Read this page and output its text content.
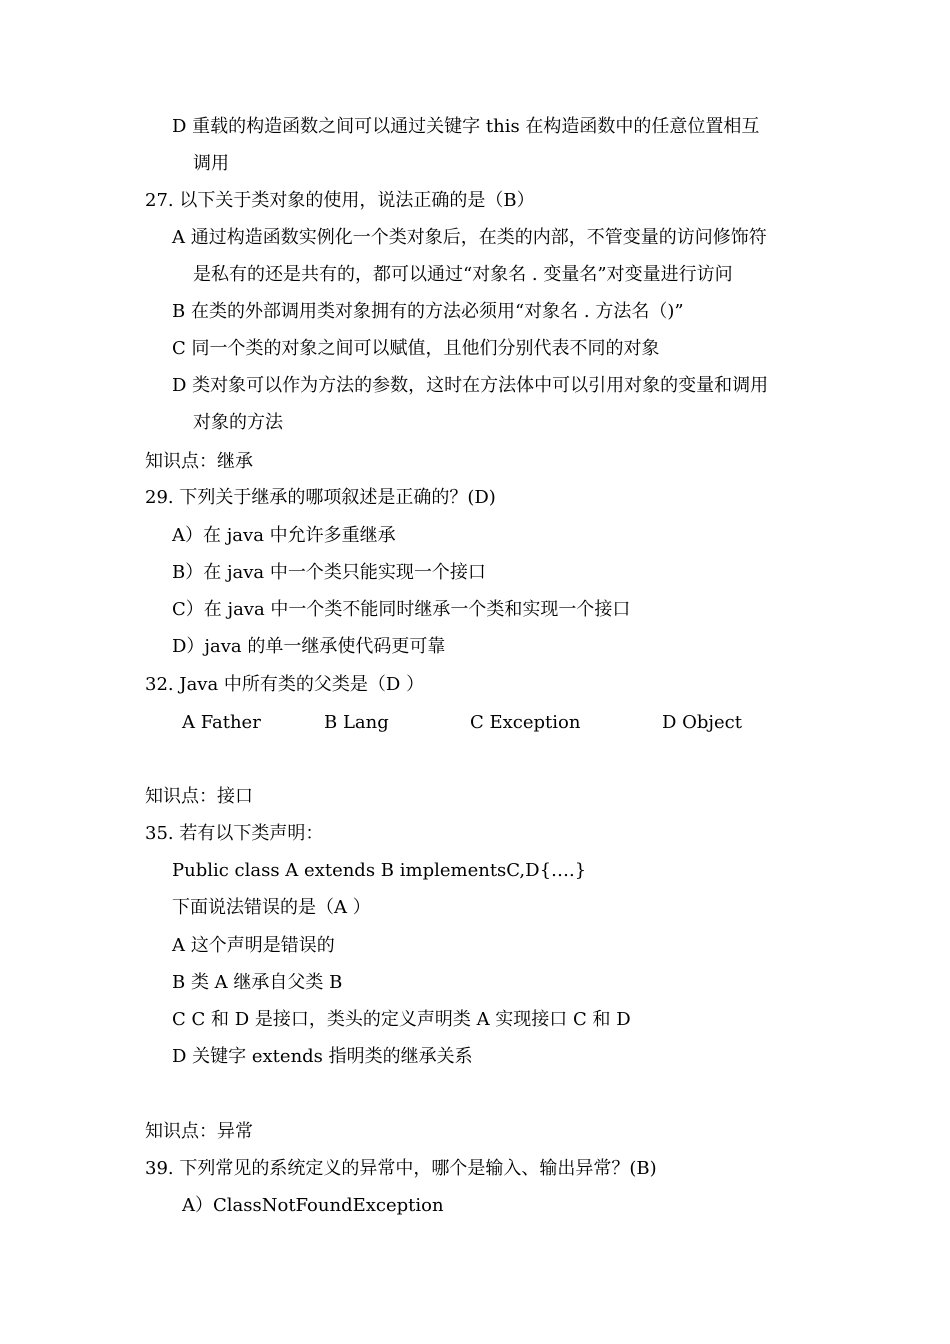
D 重载的构造函数之间可以通过关键字 this 在构造函数中的任意位置相互
调用
27. 以下关于类对象的使用，说法正确的是（B）
A 通过构造函数实例化一个类对象后，在类的内部，不管变量的访问修饰符
是私有的还是共有的，都可以通过“对象名 . 变量名”对变量进行访问
B 在类的外部调用类对象拥有的方法必须用“对象名 . 方法名（)”
C 同一个类的对象之间可以赋值，且他们分别代表不同的对象
D 类对象可以作为方法的参数，这时在方法体中可以引用对象的变量和调用
对象的方法
知识点：继承
29. 下列关于继承的哪项叙述是正确的？(D)
A）在 java 中允许多重继承
B）在 java 中一个类只能实现一个接口
C）在 java 中一个类不能同时继承一个类和实现一个接口
D）java 的单一继承使代码更可靠
32. Java 中所有类的父类是（D ）
A Father	B Lang	C Exception	D Object
知识点：接口
35. 若有以下类声明：
Public class A extends B implementsC,D{….}
下面说法错误的是（A ）
A 这个声明是错误的
B 类 A 继承自父类 B
C C 和 D 是接口，类头的定义声明类 A 实现接口 C 和 D
D 关键字 extends 指明类的继承关系
知识点：异常
39. 下列常见的系统定义的异常中，哪个是输入、输出异常？(B)
A）ClassNotFoundException
